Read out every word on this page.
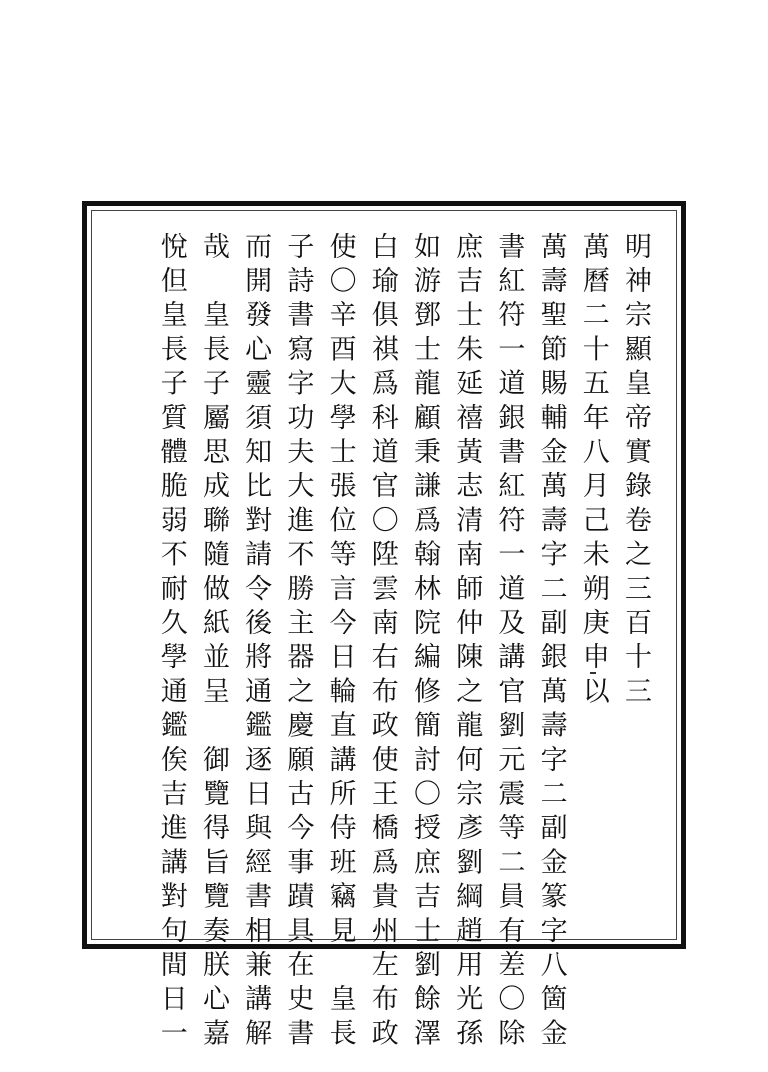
明神宗顯皇帝實錄卷之三百十三
萬曆二十五年八月己未朔庚申以
萬壽聖節賜輔金萬壽字二副銀萬壽字二副金篆字八箇金
書紅符一道銀書紅符一道及講官劉元震等二員有差〇除
庶吉士朱延禧黃志清南師仲陳之龍何宗彥劉綱趙用光孫
如游鄧士龍顧秉謙爲翰林院編修簡討〇授庶吉士劉餘澤
白瑜俱祺爲科道官〇陞雲南右布政使王橋爲貴州左布政
使〇辛酉大學士張位等言今日輪直講所侍班竊見　皇長
子詩書寫字功夫大進不勝主器之慶願古今事蹟具在史書
而開發心靈須知比對請令後將通鑑逐日與經書相兼講解
哉　皇長子屬思成聯隨做紙並呈　御覽得旨覽奏朕心嘉
悅但皇長子質體脆弱不耐久學通鑑俟吉進講對句間日一
